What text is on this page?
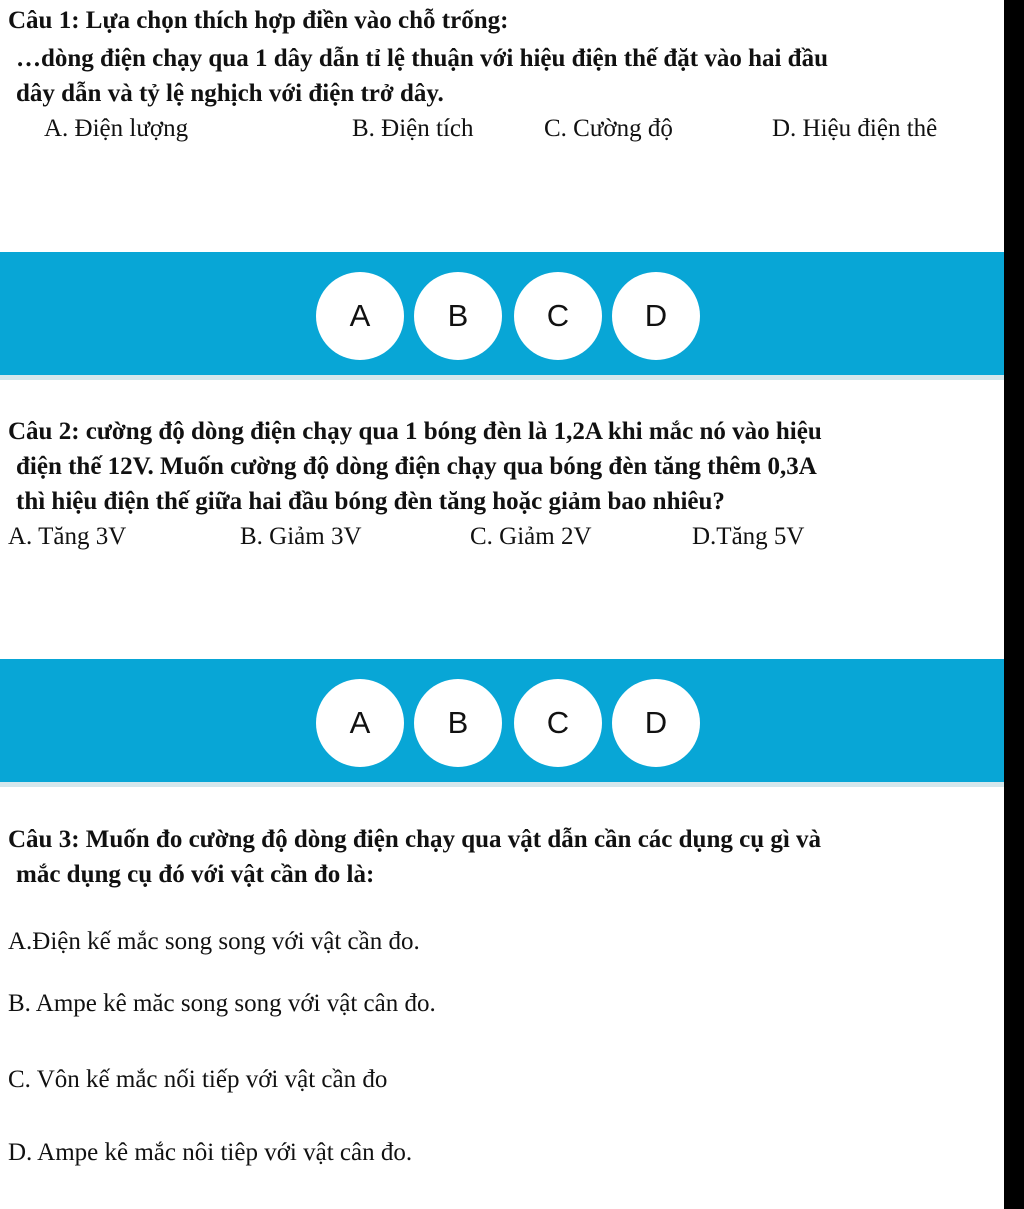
Câu 1: Lựa chọn thích hợp điền vào chỗ trống:
…dòng điện chạy qua 1 dây dẫn tỉ lệ thuận với hiệu điện thế đặt vào hai đầu
dây dẫn và tỷ lệ nghịch với điện trở dây.
A. Điện lượng	B. Điện tích	C. Cường độ	D. Hiệu điện thê
A	B	C	D
Câu 2: cường độ dòng điện chạy qua 1 bóng đèn là 1,2A khi mắc nó vào hiệu
điện thế 12V. Muốn cường độ dòng điện chạy qua bóng đèn tăng thêm 0,3A
thì hiệu điện thế giữa hai đầu bóng đèn tăng hoặc giảm bao nhiêu?
A. Tăng 3V	B. Giảm 3V	C. Giảm 2V	D.Tăng 5V
A	B	C	D
Câu 3: Muốn đo cường độ dòng điện chạy qua vật dẫn cần các dụng cụ gì và
mắc dụng cụ đó với vật cần đo là:
A.Điện kế mắc song song với vật cần đo.
B. Ampe kê măc song song với vật cân đo.
C. Vôn kế mắc nối tiếp với vật cần đo
D. Ampe kê mắc nôi tiêp với vật cân đo.
